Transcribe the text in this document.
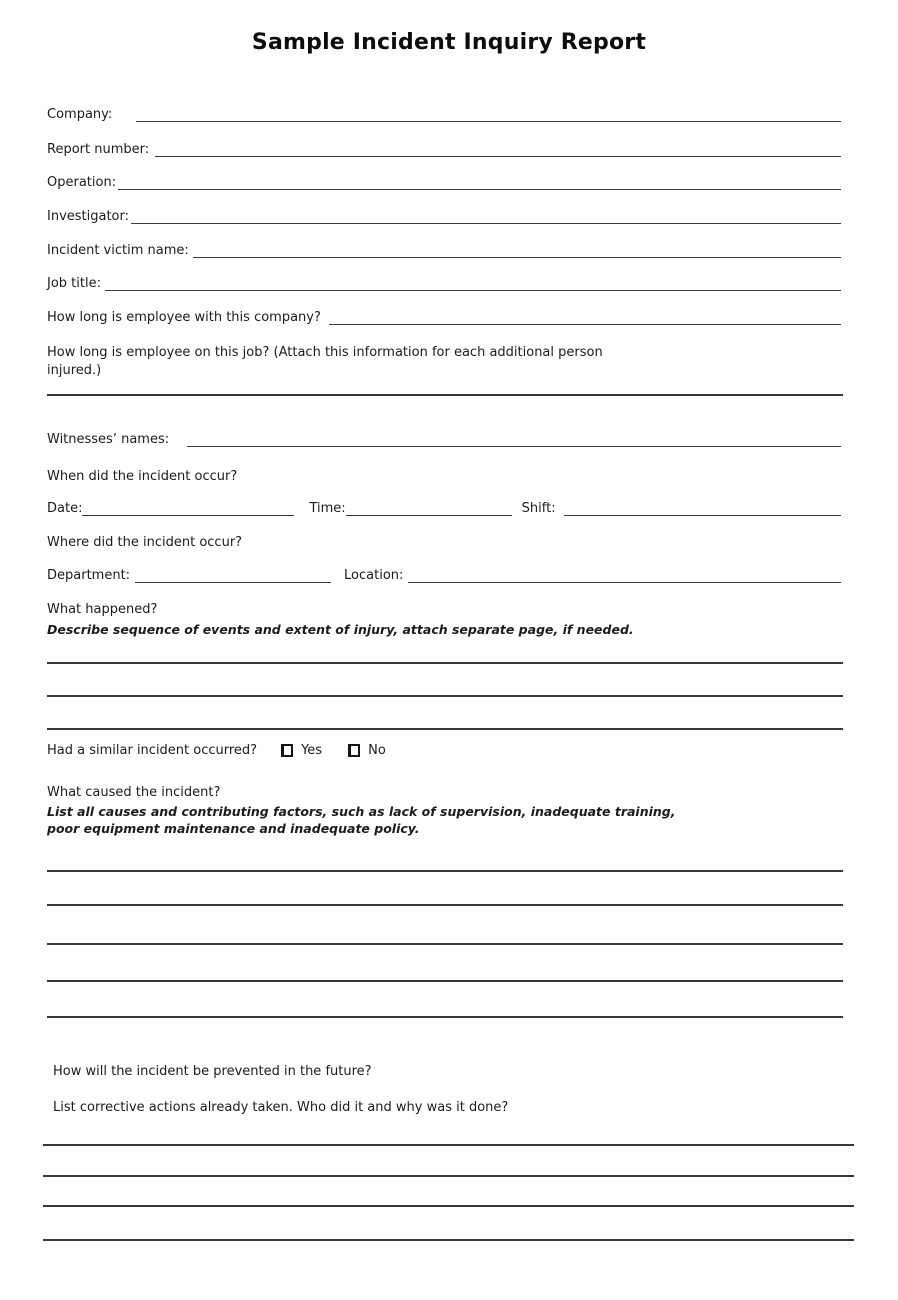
Sample Incident Inquiry Report
Company:
Report number:
Operation:
Investigator:
Incident victim name:
Job title:
How long is employee with this company?
How long is employee on this job? (Attach this information for each additional person
injured.)
Witnesses’ names:
When did the incident occur?
Date:	Time:	Shift:
Where did the incident occur?
Department:	Location:
What happened?
Describe sequence of events and extent of injury, attach separate page, if needed.
Had a similar incident occurred?	Yes	No
What caused the incident?
List all causes and contributing factors, such as lack of supervision, inadequate training,
poor equipment maintenance and inadequate policy.
How will the incident be prevented in the future?
List corrective actions already taken. Who did it and why was it done?
